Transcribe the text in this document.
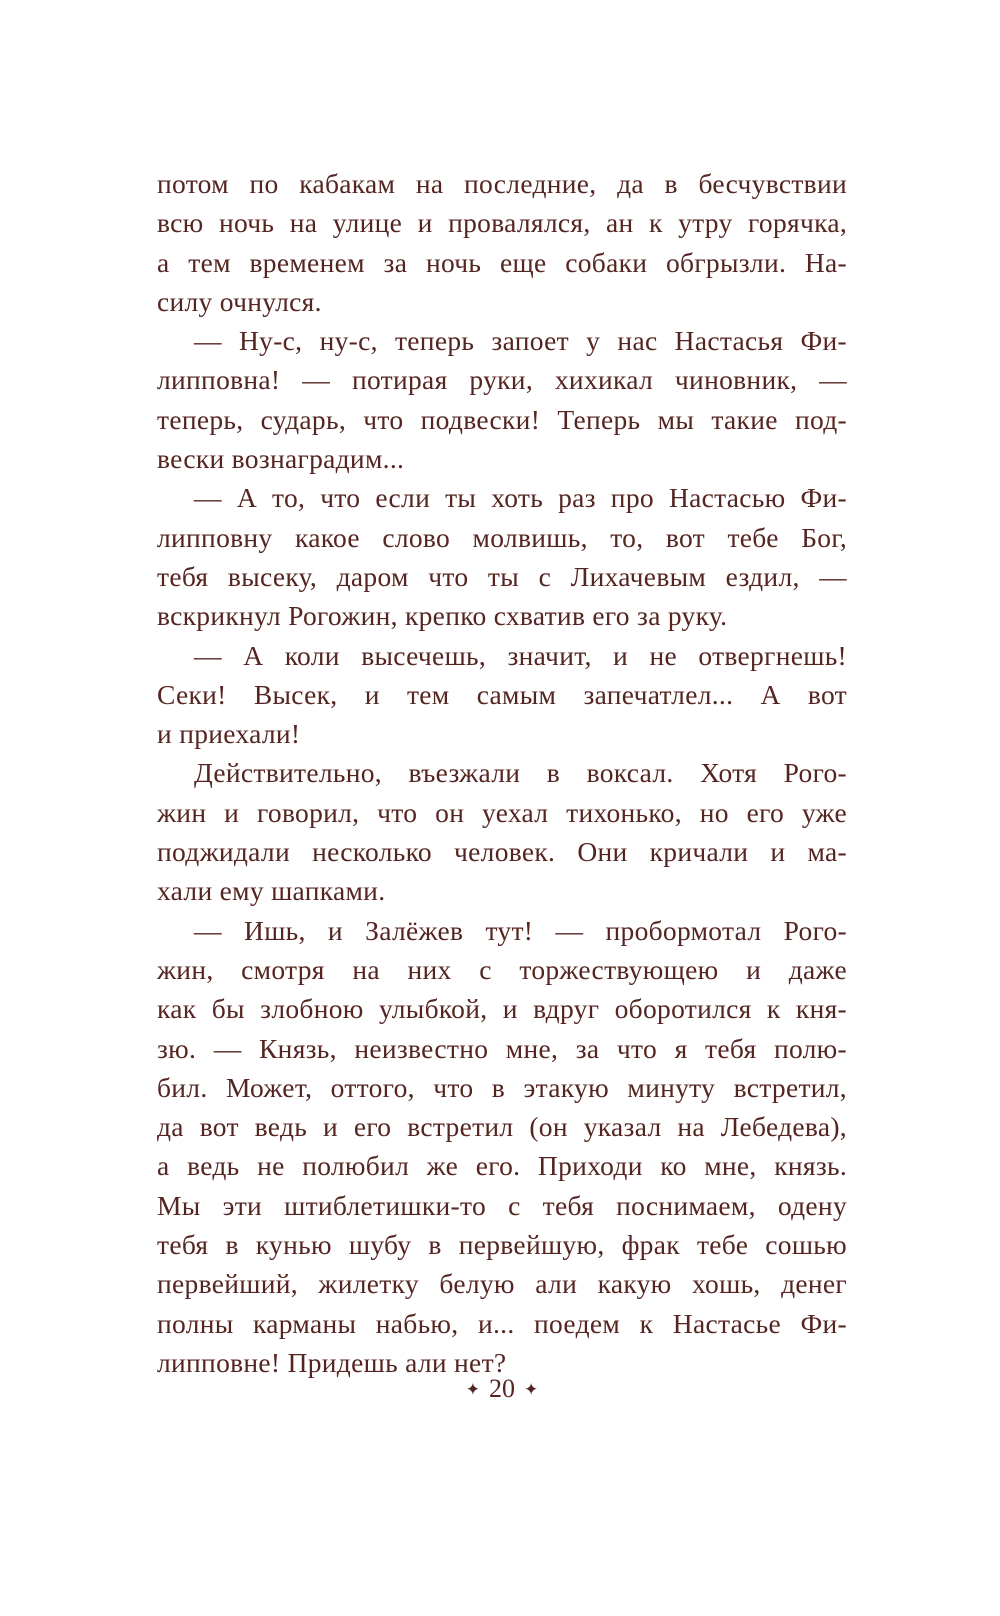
потом по кабакам на последние, да в бесчувствии
всю ночь на улице и провалялся, ан к утру горячка,
а тем временем за ночь еще собаки обгрызли. На-
силу очнулся.
— Ну-с, ну-с, теперь запоет у нас Настасья Фи-
липповна! — потирая руки, хихикал чиновник, —
теперь, сударь, что подвески! Теперь мы такие под-
вески вознаградим...
— А то, что если ты хоть раз про Настасью Фи-
липповну какое слово молвишь, то, вот тебе Бог,
тебя высеку, даром что ты с Лихачевым ездил, —
вскрикнул Рогожин, крепко схватив его за руку.
— А коли высечешь, значит, и не отвергнешь!
Секи! Высек, и тем самым запечатлел... А вот
и приехали!
Действительно, въезжали в воксал. Хотя Рого-
жин и говорил, что он уехал тихонько, но его уже
поджидали несколько человек. Они кричали и ма-
хали ему шапками.
— Ишь, и Залёжев тут! — пробормотал Рого-
жин, смотря на них с торжествующею и даже
как бы злобною улыбкой, и вдруг оборотился к кня-
зю. — Князь, неизвестно мне, за что я тебя полю-
бил. Может, оттого, что в этакую минуту встретил,
да вот ведь и его встретил (он указал на Лебедева),
а ведь не полюбил же его. Приходи ко мне, князь.
Мы эти штиблетишки-то с тебя поснимаем, одену
тебя в кунью шубу в первейшую, фрак тебе сошью
первейший, жилетку белую али какую хошь, денег
полны карманы набью, и... поедем к Настасье Фи-
липповне! Придешь али нет?
✦ 20 ✦
